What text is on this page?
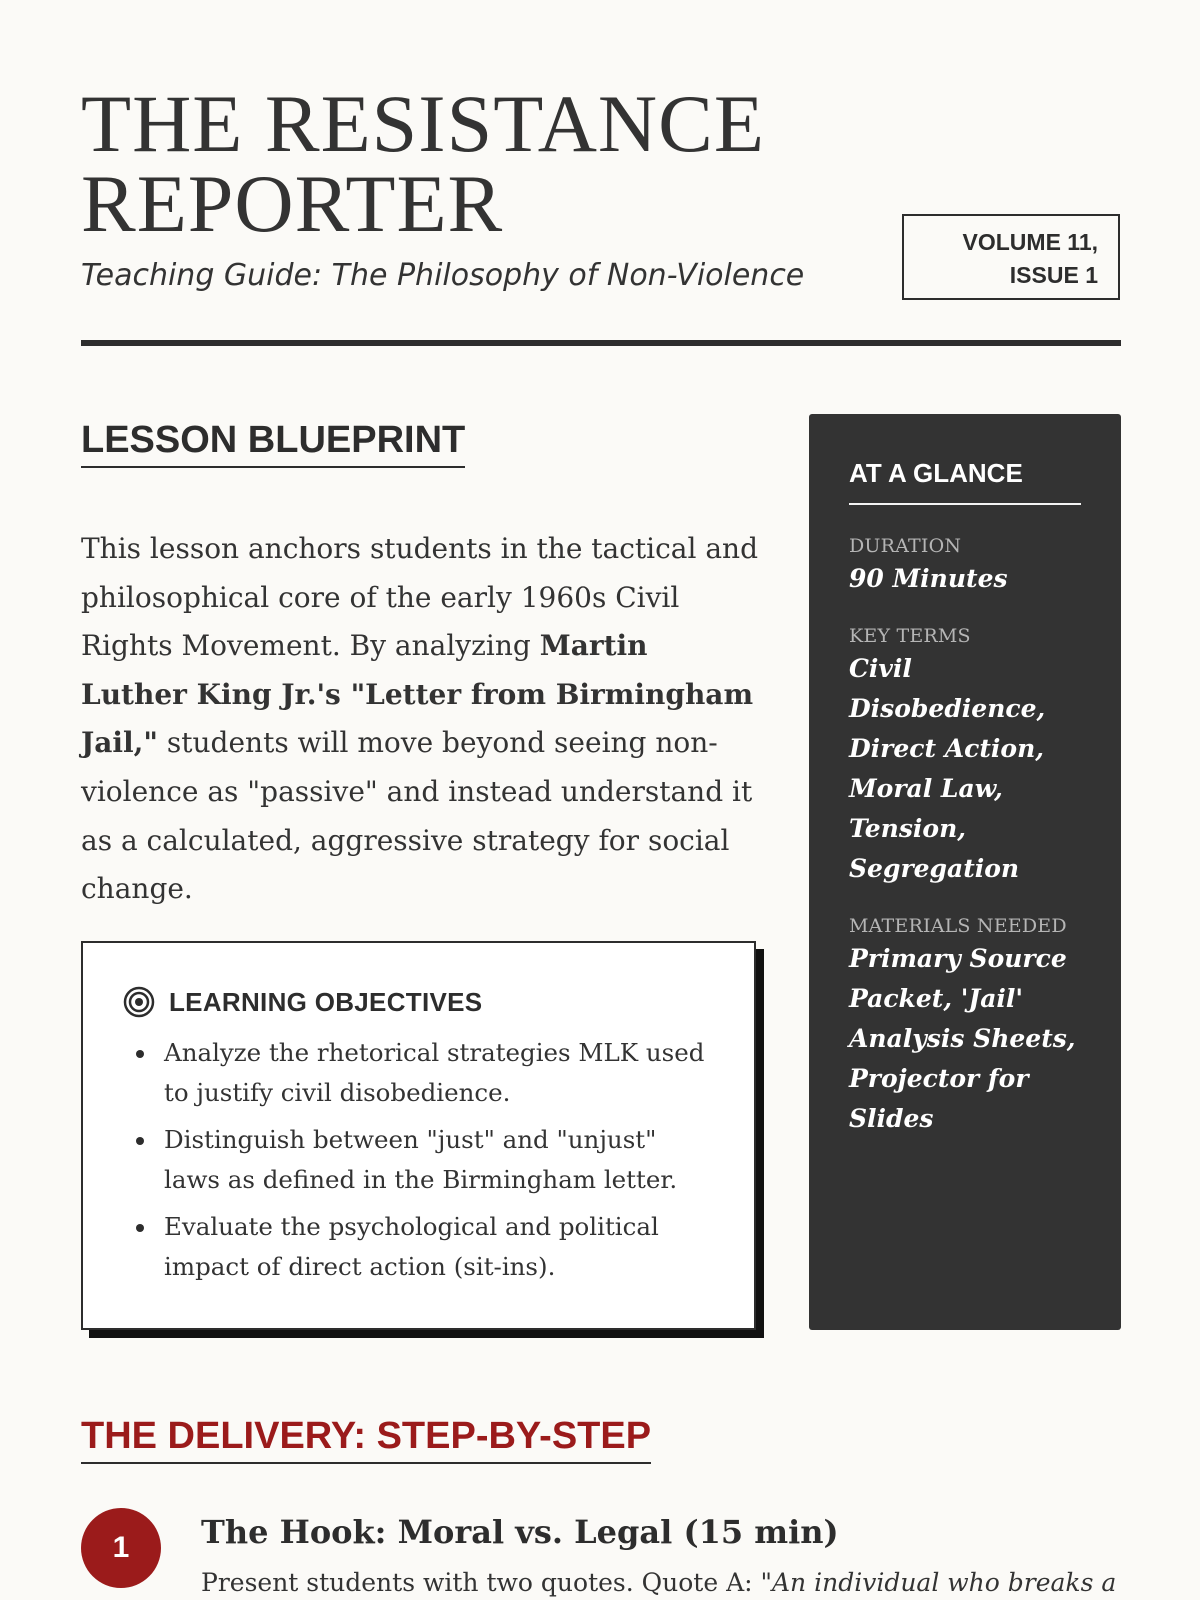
THE RESISTANCE
REPORTER
Teaching Guide: The Philosophy of Non-Violence
VOLUME 11,
ISSUE 1
LESSON BLUEPRINT

This lesson anchors students in the tactical and philosophical core of the early 1960s Civil Rights Movement. By analyzing Martin Luther King Jr.'s "Letter from Birmingham Jail," students will move beyond seeing non-violence as "passive" and instead understand it as a calculated, aggressive strategy for social change.

LEARNING OBJECTIVES
Analyze the rhetorical strategies MLK used to justify civil disobedience.
Distinguish between "just" and "unjust" laws as defined in the Birmingham letter.
Evaluate the psychological and political impact of direct action (sit-ins).
AT A GLANCE
DURATION
90 Minutes
KEY TERMS
Civil Disobedience, Direct Action, Moral Law, Tension, Segregation
MATERIALS NEEDED
Primary Source Packet, 'Jail' Analysis Sheets, Projector for Slides
THE DELIVERY: STEP-BY-STEP
1	The Hook: Moral vs. Legal (15 min)

Present students with two quotes. Quote A: "An individual who breaks a
